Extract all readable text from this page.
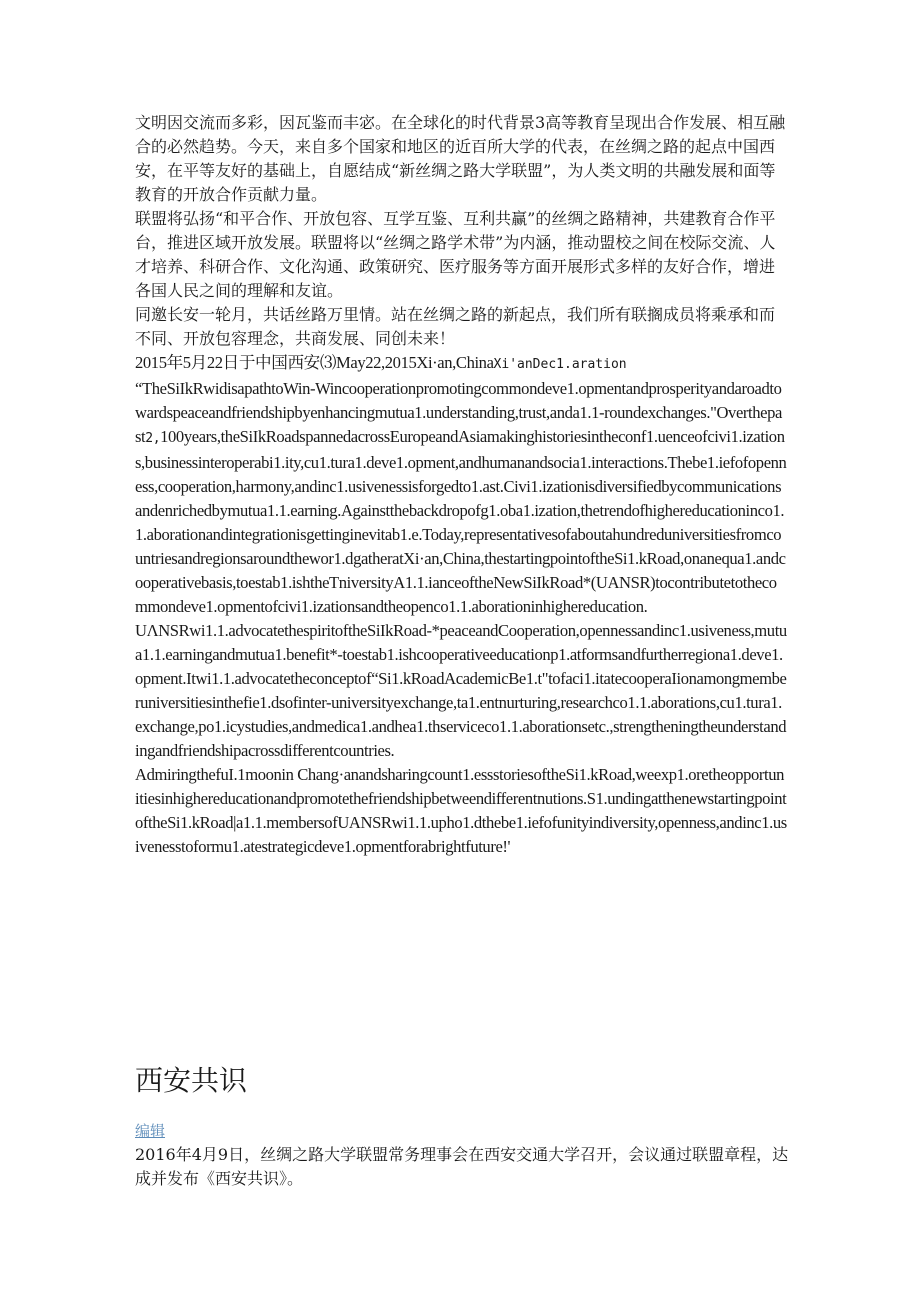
文明因交流而多彩，因瓦鉴而丰宓。在全球化的时代背景3高等教育呈现出合作发展、相互融合的必然趋势。今天，来自多个国家和地区的近百所大学的代表，在丝绸之路的起点中国西安，在平等友好的基础上，自愿结成“新丝绸之路大学联盟”，为人类文明的共融发展和面等教育的开放合作贡献力量。

联盟将弘扬“和平合作、开放包容、互学互鉴、互利共赢”的丝绸之路精神，共建教育合作平台，推进区域开放发展。联盟将以“丝绸之路学术带”为内涵，推动盟校之间在校际交流、人才培养、科研合作、文化沟通、政策研究、医疗服务等方面开展形式多样的友好合作，增进各国人民之间的理解和友谊。

同邀长安一轮月，共话丝路万里情。站在丝绸之路的新起点，我们所有联搁成员将乘承和而不同、开放包容理念，共商发展、同创未来！

2015年5月22日于中国西安⑶May22,2015Xi·an,ChinaXi'anDec1.aration

“TheSiIkRwidisapathtoWin-Wincooperationpromotingcommondeve1.opmentandprosperityandaroadtowardspeaceandfriendshipbyenhancingmutua1.understanding,trust,anda1.1-roundexchanges."Overthepast2,100years,theSiIkRoadspannedacrossEuropeandAsiamakinghistoriesintheconf1.uenceofcivi1.izations,businessinteroperabi1.ity,cu1.tura1.deve1.opment,andhumanandsocia1.interactions.Thebe1.iefofopenness,cooperation,harmony,andinc1.usivenessisforgedto1.ast.Civi1.izationisdiversifiedbycommunicationsandenrichedbymutua1.1.earning.Againstthebackdropofg1.oba1.ization,thetrendofhighereducationinco1.1.aborationandintegrationisgettinginevitab1.e.Today,representativesofaboutahundreduniversitiesfromcountriesandregionsaroundthewor1.dgatheratXi·an,China,thestartingpointoftheSi1.kRoad,onanequa1.andcooperativebasis,toestab1.ishtheTniversityA1.1.ianceoftheNewSiIkRoad*(UANSR)tocontributetothecommondeve1.opmentofcivi1.izationsandtheopenco1.1.aborationinhighereducation.

UΛNSRwi1.1.advocatethespiritoftheSiIkRoad-*peaceandCooperation,opennessandinc1.usiveness,mutua1.1.earningandmutua1.benefit*-toestab1.ishcooperativeeducationp1.atformsandfurtherregiona1.deve1.opment.Itwi1.1.advocatetheconceptof“Si1.kRoadAcademicBe1.t"tofaci1.itatecooperaIionamongmemberuniversitiesinthefie1.dsofinter-universityexchange,ta1.entnurturing,researchco1.1.aborations,cu1.tura1.exchange,po1.icystudies,andmedica1.andhea1.thserviceco1.1.aborationsetc.,strengtheningtheunderstandingandfriendshipacrossdifferentcountries.

AdmiringthefuI.1moonin Chang·anandsharingcount1.essstoriesoftheSi1.kRoad,weexp1.oretheopportunitiesinhighereducationandpromotethefriendshipbetweendifferentnutions.S1.undingatthenewstartingpointoftheSi1.kRoad|a1.1.membersofUANSRwi1.1.upho1.dthebe1.iefofunityindiversity,openness,andinc1.usivenesstoformu1.atestrategicdeve1.opmentforabrightfuture!'

西安共识
编辑

2016年4月9日，丝绸之路大学联盟常务理事会在西安交通大学召开，会议通过联盟章程，达成并发布《西安共识》。
